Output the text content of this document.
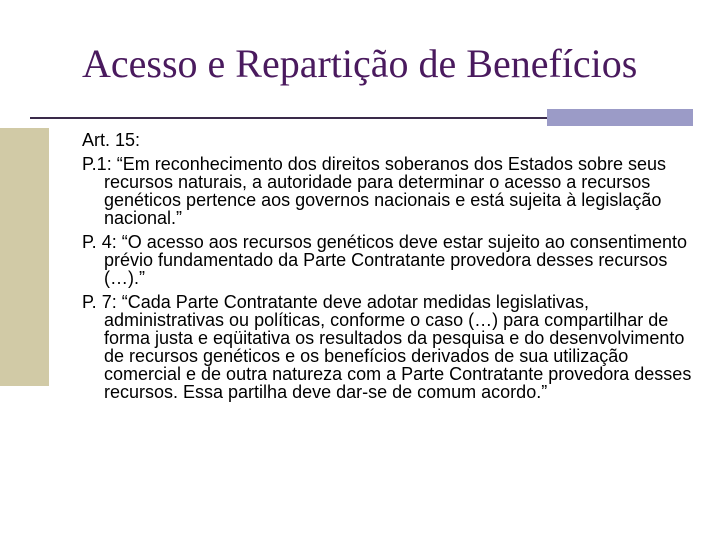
Acesso e Repartição de Benefícios
Art. 15:
P.1: “Em reconhecimento dos direitos soberanos dos Estados sobre seus recursos naturais, a autoridade para determinar o acesso a recursos genéticos pertence aos governos nacionais e está sujeita à legislação nacional.”
P. 4: “O acesso aos recursos genéticos deve estar sujeito ao consentimento prévio fundamentado da Parte Contratante provedora desses recursos (…).”
P. 7: “Cada Parte Contratante deve adotar medidas legislativas, administrativas ou políticas, conforme o caso (…) para compartilhar de forma justa e eqüitativa os resultados da pesquisa e do desenvolvimento de recursos genéticos e os benefícios derivados de sua utilização comercial e de outra natureza com a Parte Contratante provedora desses recursos. Essa partilha deve dar-se de comum acordo.”
